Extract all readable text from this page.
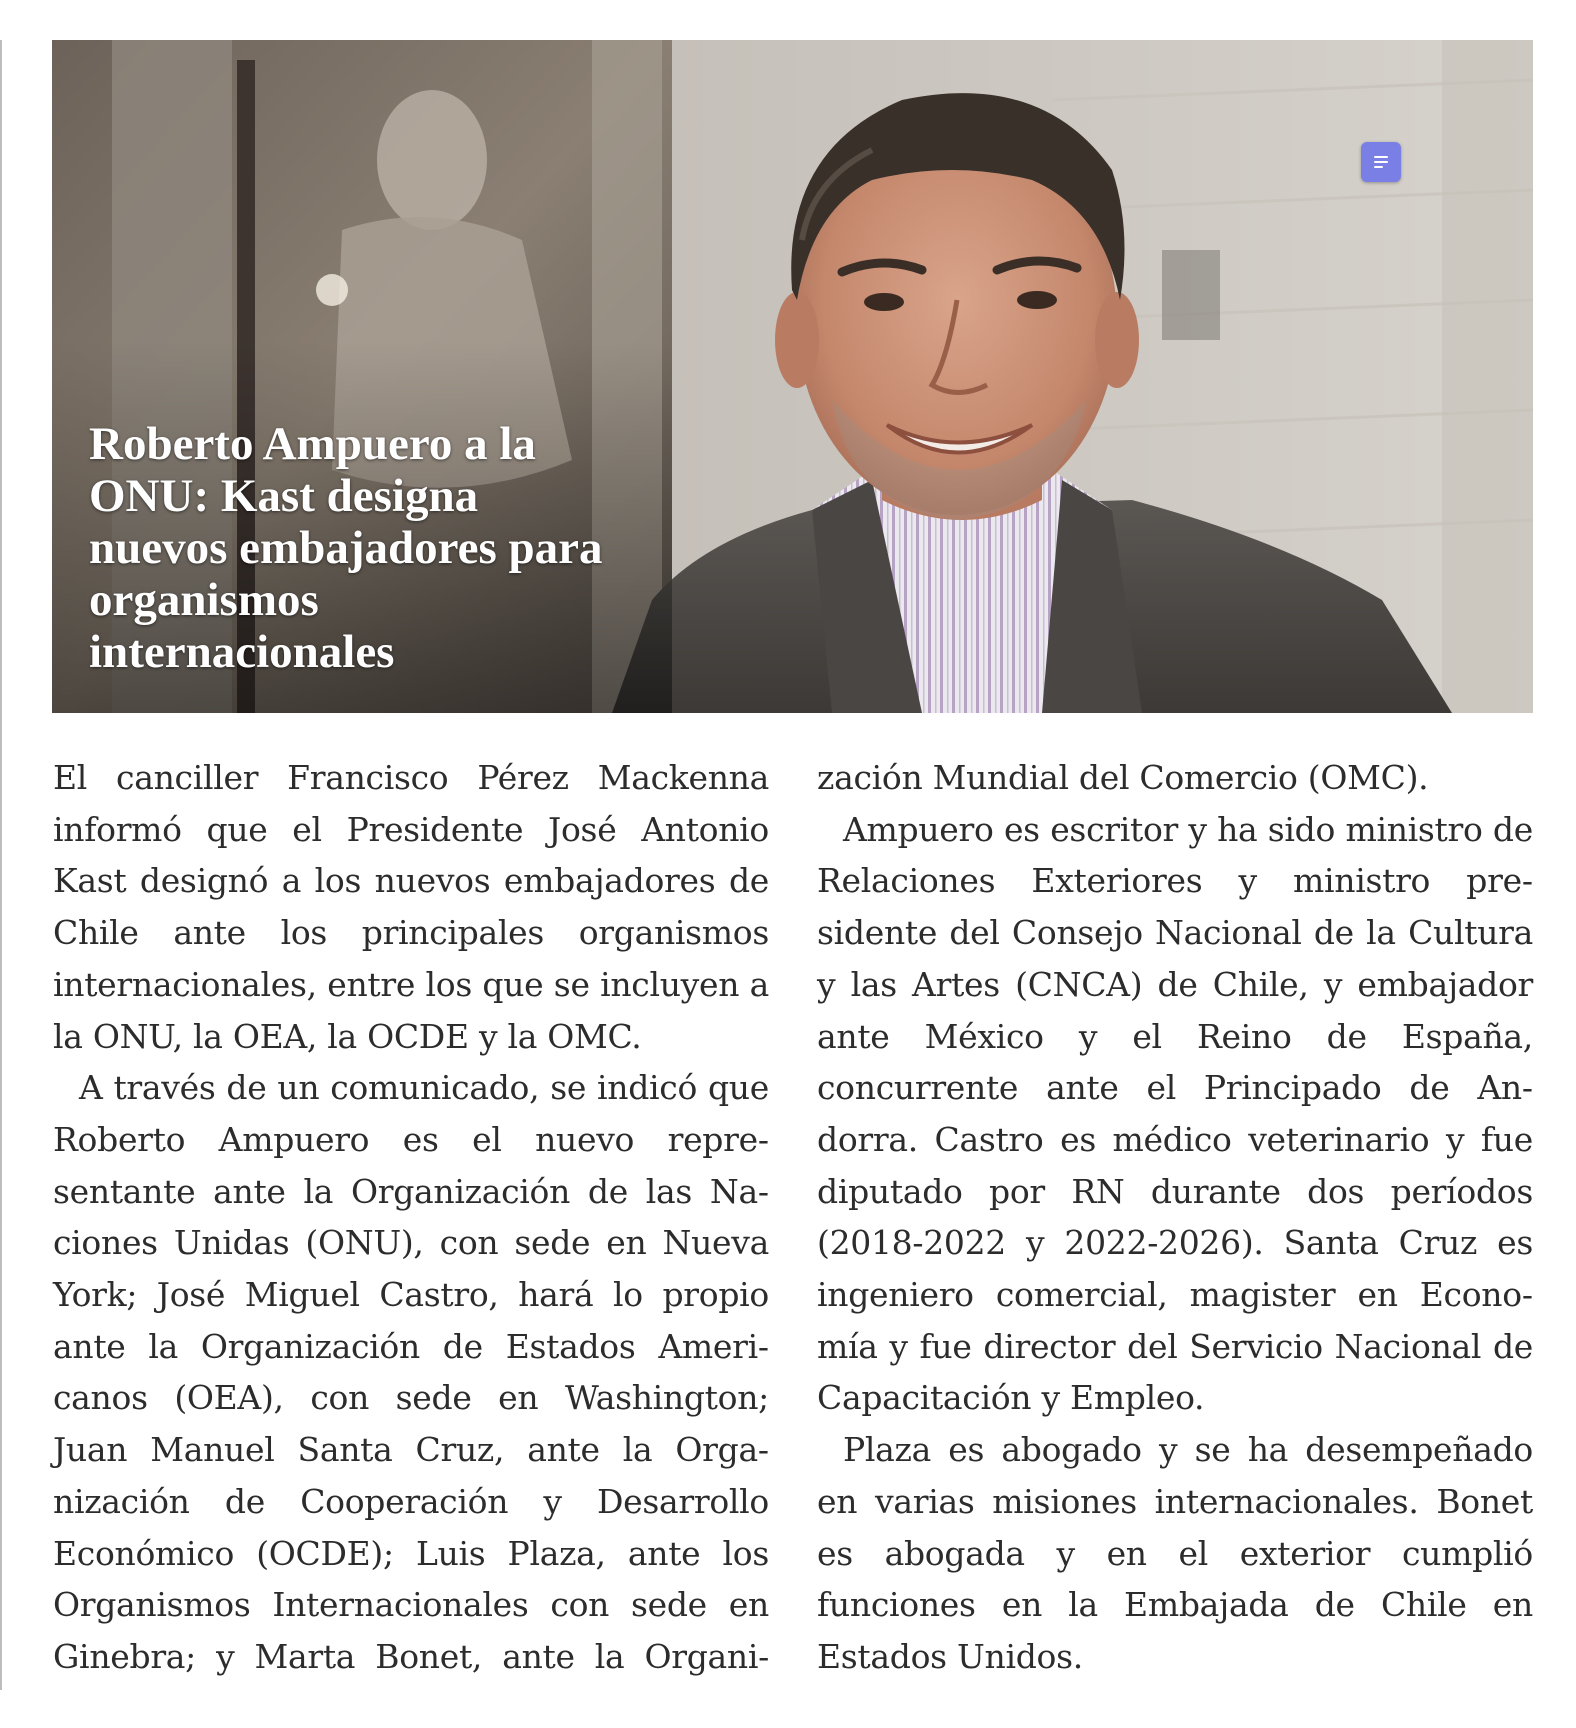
Roberto Ampuero a la ONU: Kast designa nuevos embajadores para organismos internacionales

El canciller Francisco Pérez Mackenna informó que el Presidente José Antonio Kast designó a los nuevos embajadores de Chile ante los principales organismos internacionales, entre los que se incluyen a la ONU, la OEA, la OCDE y la OMC.

A través de un comunicado, se indicó que Roberto Ampuero es el nuevo representante ante la Organización de las Naciones Unidas (ONU), con sede en Nueva York; José Miguel Castro, hará lo propio ante la Organización de Estados Americanos (OEA), con sede en Washington; Juan Manuel Santa Cruz, ante la Organización de Cooperación y Desarrollo Económico (OCDE); Luis Plaza, ante los Organismos Internacionales con sede en Ginebra; y Marta Bonet, ante la Organi-

zación Mundial del Comercio (OMC).

Ampuero es escritor y ha sido ministro de Relaciones Exteriores y ministro presidente del Consejo Nacional de la Cultura y las Artes (CNCA) de Chile, y embajador ante México y el Reino de España, concurrente ante el Principado de Andorra. Castro es médico veterinario y fue diputado por RN durante dos períodos (2018-2022 y 2022-2026). Santa Cruz es ingeniero comercial, magister en Economía y fue director del Servicio Nacional de Capacitación y Empleo.

Plaza es abogado y se ha desempeñado en varias misiones internacionales. Bonet es abogada y en el exterior cumplió funciones en la Embajada de Chile en Estados Unidos.
